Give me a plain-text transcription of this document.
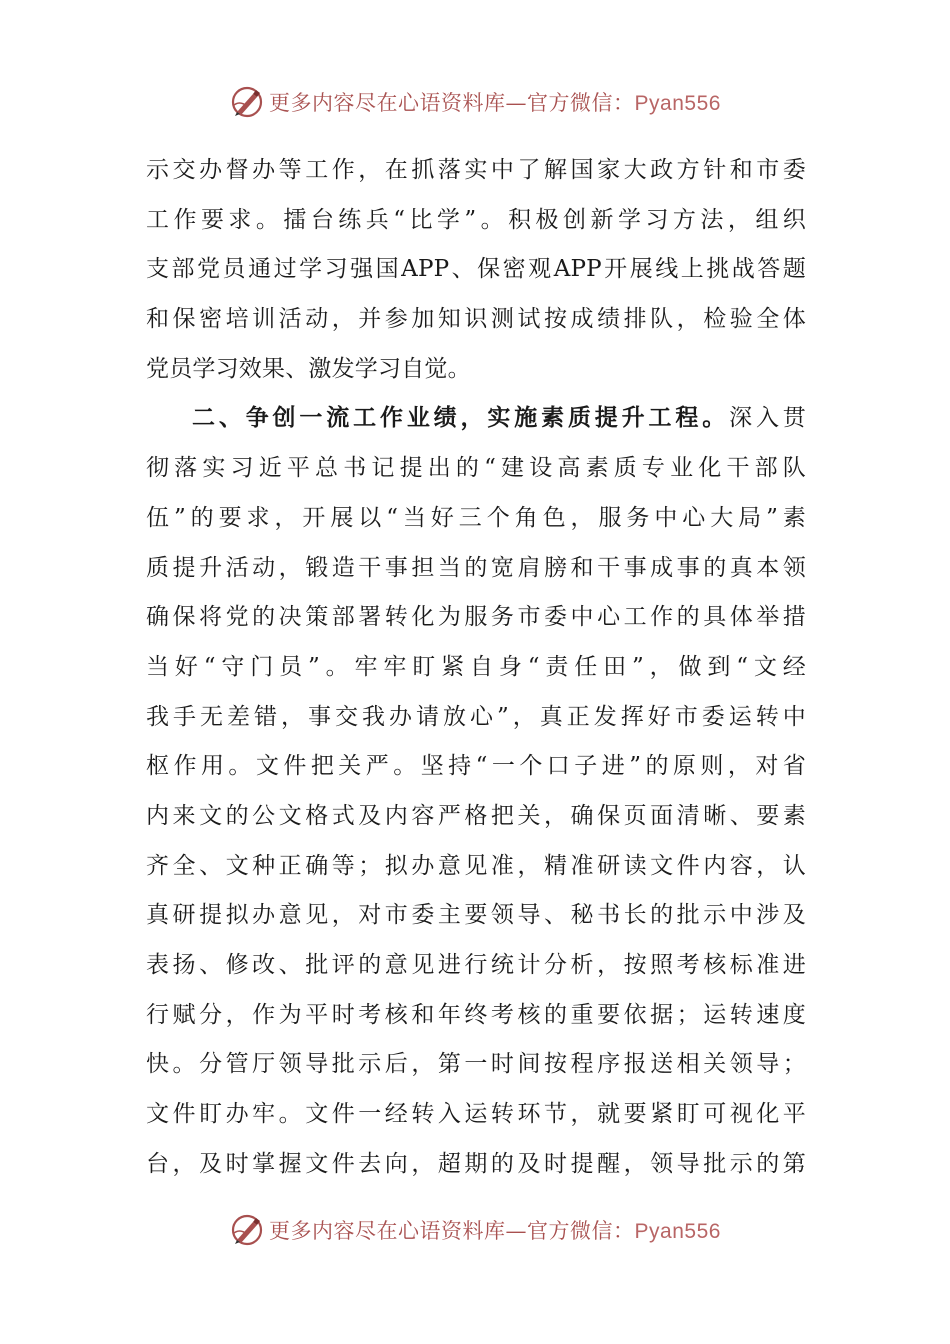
更多内容尽在心语资料库—官方微信：Pyan556
示交办督办等工作，在抓落实中了解国家大政方针和市委
工作要求。擂台练兵“比学”。积极创新学习方法，组织
支部党员通过学习强国APP、保密观APP开展线上挑战答题
和保密培训活动，并参加知识测试按成绩排队，检验全体
党员学习效果、激发学习自觉。
二、争创一流工作业绩，实施素质提升工程。深入贯
彻落实习近平总书记提出的“建设高素质专业化干部队
伍”的要求，开展以“当好三个角色，服务中心大局”素
质提升活动，锻造干事担当的宽肩膀和干事成事的真本领
确保将党的决策部署转化为服务市委中心工作的具体举措
当好“守门员”。牢牢盯紧自身“责任田”，做到“文经
我手无差错，事交我办请放心”，真正发挥好市委运转中
枢作用。文件把关严。坚持“一个口子进”的原则，对省
内来文的公文格式及内容严格把关，确保页面清晰、要素
齐全、文种正确等；拟办意见准，精准研读文件内容，认
真研提拟办意见，对市委主要领导、秘书长的批示中涉及
表扬、修改、批评的意见进行统计分析，按照考核标准进
行赋分，作为平时考核和年终考核的重要依据；运转速度
快。分管厅领导批示后，第一时间按程序报送相关领导；
文件盯办牢。文件一经转入运转环节，就要紧盯可视化平
台，及时掌握文件去向，超期的及时提醒，领导批示的第
更多内容尽在心语资料库—官方微信：Pyan556
